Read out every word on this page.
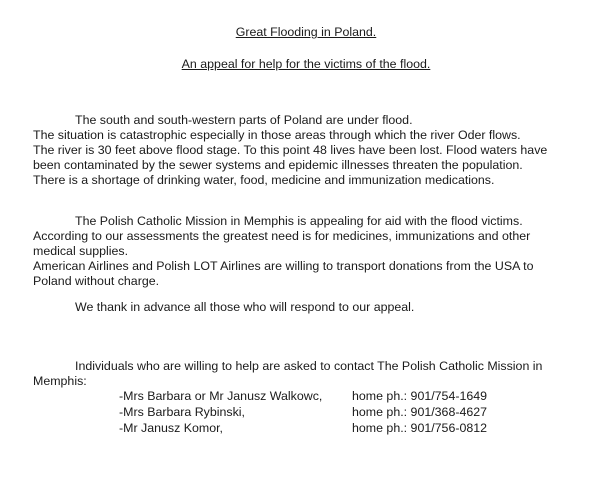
Great Flooding in Poland.
An appeal for help for the victims of the flood.
The south and south-western parts of Poland are under flood.
The situation is catastrophic especially in those areas through which the river Oder flows.
The river is 30 feet above flood stage. To this point 48 lives have been lost. Flood waters have
been contaminated by the sewer systems and epidemic illnesses threaten the population.
There is a shortage of drinking water, food, medicine and immunization medications.
The Polish Catholic Mission in Memphis is appealing for aid with the flood victims.
According to our assessments the greatest need is for medicines, immunizations and other
medical supplies.
American Airlines and Polish LOT Airlines are willing to transport donations from the USA to
Poland without charge.
We thank in advance all those who will respond to our appeal.
Individuals who are willing to help are asked to contact The Polish Catholic Mission in
Memphis:
-Mrs Barbara or Mr Janusz Walkowc, home ph.: 901/754-1649
-Mrs Barbara Rybinski,	home ph.: 901/368-4627
-Mr Janusz Komor,	home ph.: 901/756-0812
